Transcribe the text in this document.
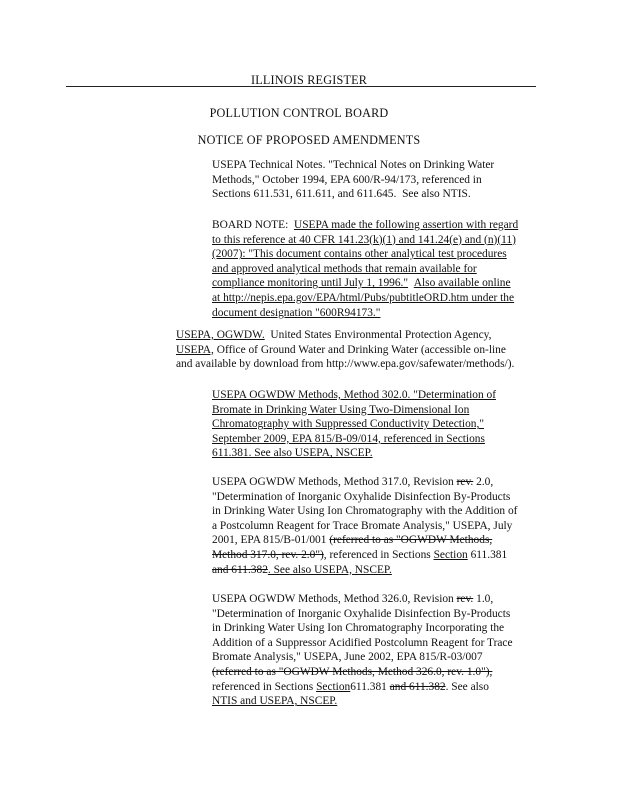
ILLINOIS REGISTER
POLLUTION CONTROL BOARD
NOTICE OF PROPOSED AMENDMENTS

USEPA Technical Notes. "Technical Notes on Drinking Water

Methods," October 1994, EPA 600/R-94/173, referenced in

Sections 611.531, 611.611, and 611.645. See also NTIS.

BOARD NOTE: USEPA made the following assertion with regard

to this reference at 40 CFR 141.23(k)(1) and 141.24(e) and (n)(11)

(2007): "This document contains other analytical test procedures

and approved analytical methods that remain available for

compliance monitoring until July 1, 1996." Also available online

at http://nepis.epa.gov/EPA/html/Pubs/pubtitleORD.htm under the

document designation "600R94173."

USEPA, OGWDW. United States Environmental Protection Agency,

USEPA, Office of Ground Water and Drinking Water (accessible on-line

and available by download from http://www.epa.gov/safewater/methods/).

USEPA OGWDW Methods, Method 302.0. "Determination of

Bromate in Drinking Water Using Two-Dimensional Ion

Chromatography with Suppressed Conductivity Detection,"

September 2009, EPA 815/B-09/014, referenced in Sections

611.381. See also USEPA, NSCEP.

USEPA OGWDW Methods, Method 317.0, Revision rev. 2.0,

"Determination of Inorganic Oxyhalide Disinfection By-Products

in Drinking Water Using Ion Chromatography with the Addition of

a Postcolumn Reagent for Trace Bromate Analysis," USEPA, July

2001, EPA 815/B-01/001 (referred to as "OGWDW Methods,

Method 317.0, rev. 2.0"), referenced in Sections Section 611.381

and 611.382. See also USEPA, NSCEP.

USEPA OGWDW Methods, Method 326.0, Revision rev. 1.0,

"Determination of Inorganic Oxyhalide Disinfection By-Products

in Drinking Water Using Ion Chromatography Incorporating the

Addition of a Suppressor Acidified Postcolumn Reagent for Trace

Bromate Analysis," USEPA, June 2002, EPA 815/R-03/007

(referred to as "OGWDW Methods, Method 326.0, rev. 1.0"),

referenced in Sections Section611.381 and 611.382. See also

NTIS and USEPA, NSCEP.
